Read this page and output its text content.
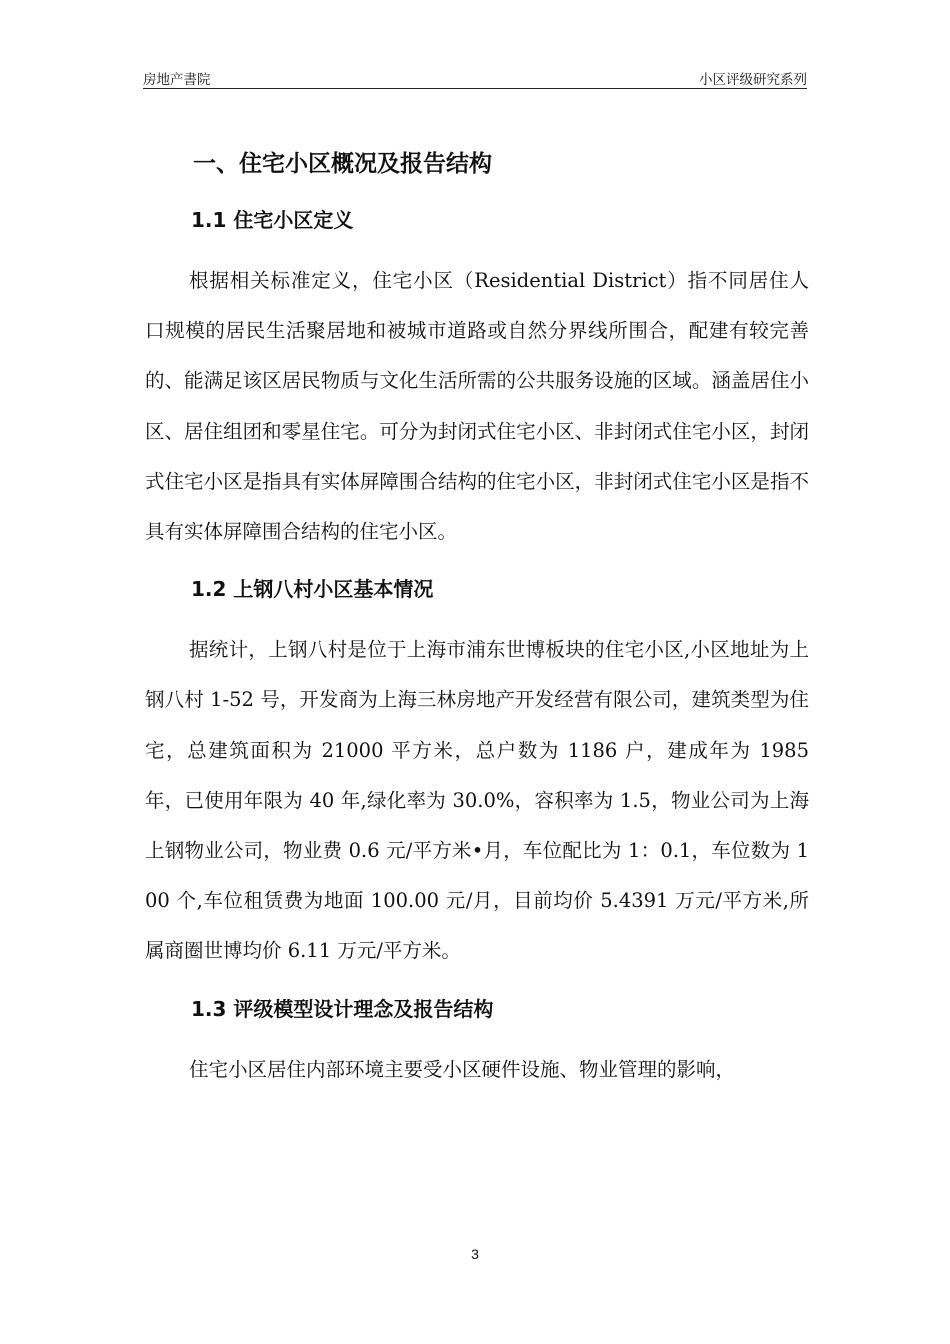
房地产書院	小区评级研究系列
一、住宅小区概况及报告结构
1.1 住宅小区定义

根据相关标准定义，住宅小区（Residential District）指不同居住人口规模的居民生活聚居地和被城市道路或自然分界线所围合，配建有较完善的、能满足该区居民物质与文化生活所需的公共服务设施的区域。涵盖居住小区、居住组团和零星住宅。可分为封闭式住宅小区、非封闭式住宅小区，封闭式住宅小区是指具有实体屏障围合结构的住宅小区，非封闭式住宅小区是指不具有实体屏障围合结构的住宅小区。

1.2 上钢八村小区基本情况

据统计，上钢八村是位于上海市浦东世博板块的住宅小区,小区地址为上钢八村 1-52 号，开发商为上海三林房地产开发经营有限公司，建筑类型为住宅，总建筑面积为 21000 平方米，总户数为 1186 户，建成年为 1985 年，已使用年限为 40 年,绿化率为 30.0%，容积率为 1.5，物业公司为上海上钢物业公司，物业费 0.6 元/平方米•月，车位配比为 1：0.1，车位数为 100 个,车位租赁费为地面 100.00 元/月，目前均价 5.4391 万元/平方米,所属商圈世博均价 6.11 万元/平方米。

1.3 评级模型设计理念及报告结构

住宅小区居住内部环境主要受小区硬件设施、物业管理的影响，

3
